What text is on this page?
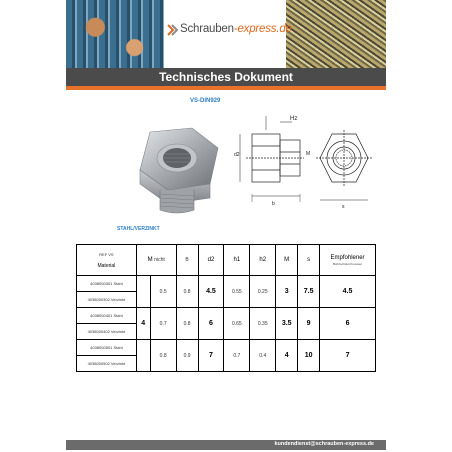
Schrauben-express.de
Technisches Dokument
VS-DIN929
Hz
d2
b	s
M
STAHL/VERZINKT
REF VS
Material	M nicht		B	d2	h1	h2	M	s	Empfohlener
Bohrlochdurchmesser

4038000301 Stahl		0.5	0.8	4.5	0.55	0.25	3	7.5	4.5
4038000302 Verzinkt									
4038000401 Stahl	4	0.7	0.8	6	0.65	0.35	3.5	9	6
4038000402 Verzinkt									
4038000501 Stahl		0.8	0.9	7	0.7	0.4	4	10	7
4038000502 Verzinkt									
kundendienst@schrauben-express.de
